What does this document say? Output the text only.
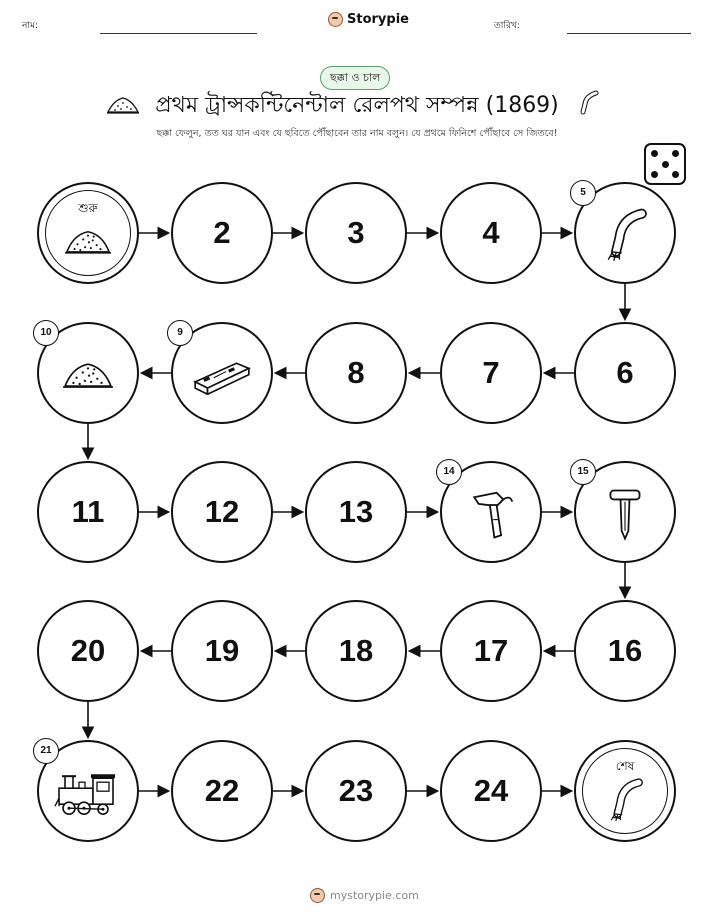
নাম:	Storypie	তারিখ:
ছক্কা ও চাল
প্রথম ট্রান্সকন্টিনেন্টাল রেলপথ সম্পন্ন (1869)
ছক্কা ফেলুন, তত ঘর যান এবং যে ছবিতে পৌঁছাবেন তার নাম বলুন। যে প্রথমে ফিনিশে পৌঁছাবে সে জিতবে!
শুরু
2	3	4
5
6
7
8
9
10
11	12	13
14	15
16
17
18
19
20
21
22	23	24
শেষ
mystorypie.com
